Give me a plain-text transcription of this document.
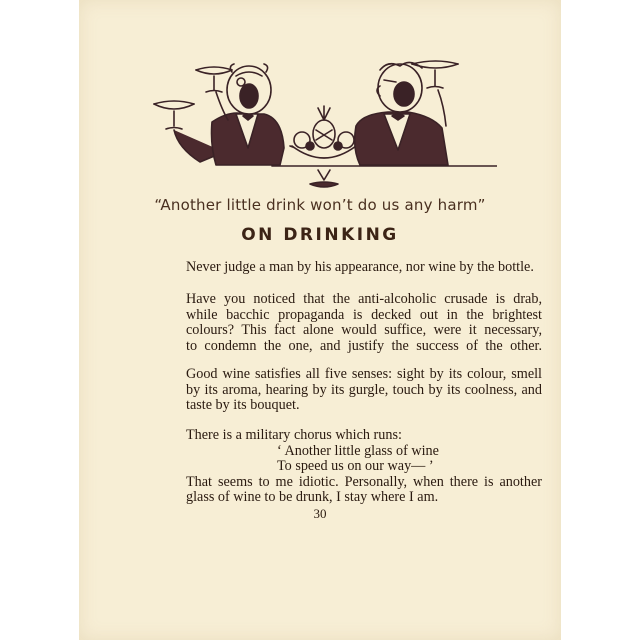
“Another little drink won’t do us any harm”
ON DRINKING
Never judge a man by his appearance, nor wine by the bottle.
Have you noticed that the anti-alcoholic crusade is drab,
while bacchic propaganda is decked out in the brightest
colours? This fact alone would suffice, were it necessary,
to condemn the one, and justify the success of the other.
Good wine satisfies all five senses: sight by its colour, smell
by its aroma, hearing by its gurgle, touch by its coolness, and
taste by its bouquet.
There is a military chorus which runs:
‘ Another little glass of wine
To speed us on our way— ’
That seems to me idiotic. Personally, when there is another
glass of wine to be drunk, I stay where I am.
30
